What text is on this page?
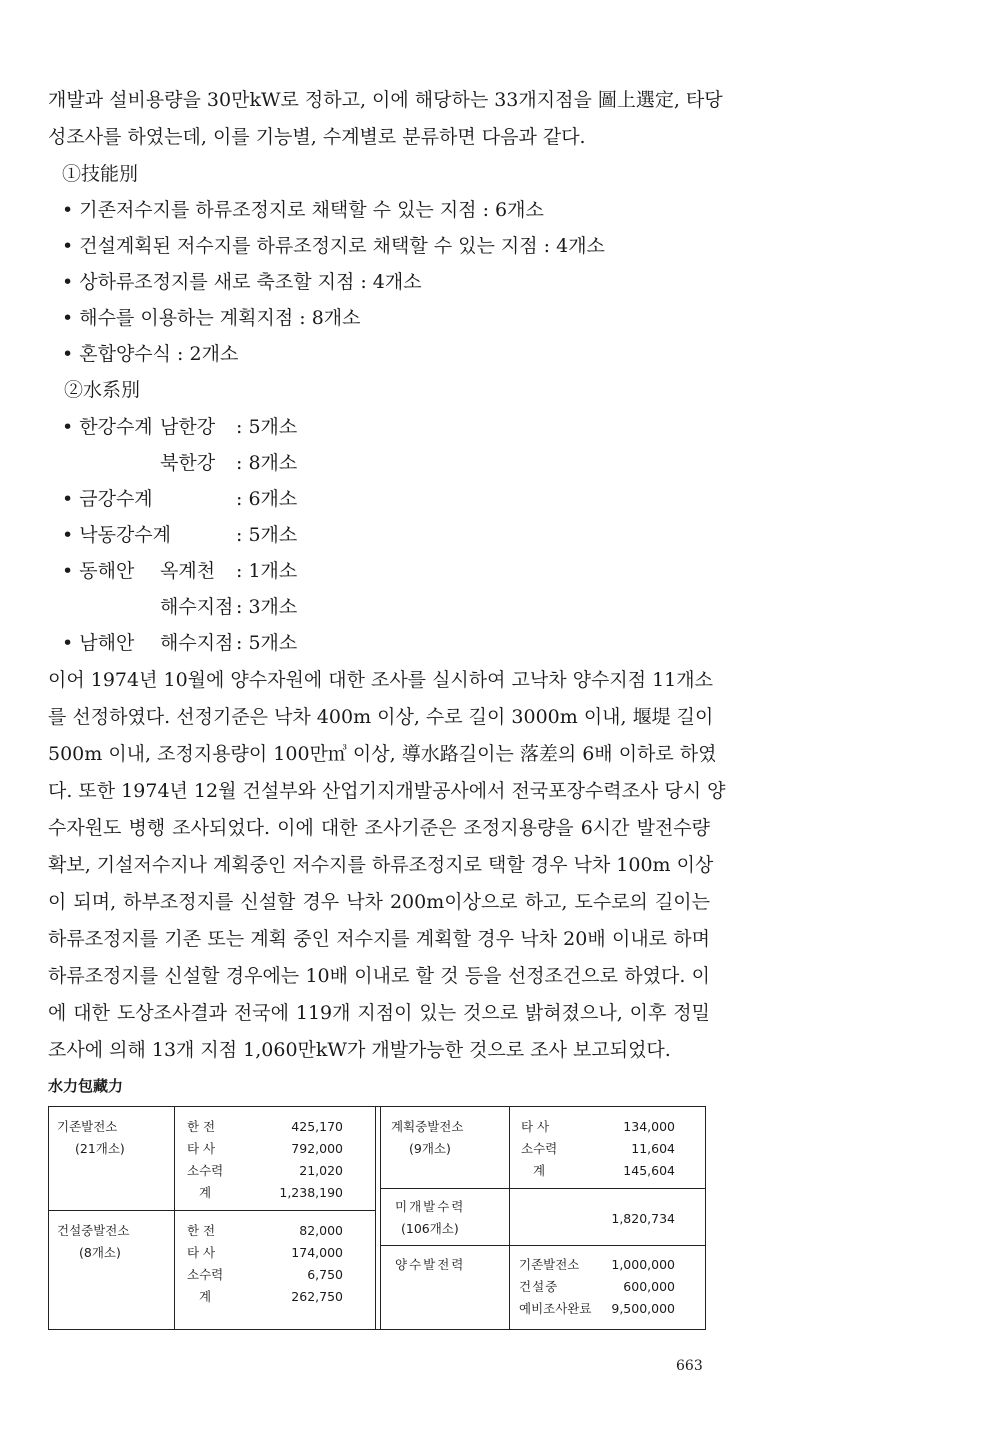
개발과 설비용량을 30만kW로 정하고, 이에 해당하는 33개지점을 圖上選定, 타당
성조사를 하였는데, 이를 기능별, 수계별로 분류하면 다음과 같다.
①技能別
• 기존저수지를 하류조정지로 채택할 수 있는 지점 : 6개소
• 건설계획된 저수지를 하류조정지로 채택할 수 있는 지점 : 4개소
• 상하류조정지를 새로 축조할 지점 : 4개소
• 해수를 이용하는 계획지점 : 8개소
• 혼합양수식 : 2개소
②水系別
• 한강수계 남한강 : 5개소
북한강 : 8개소
• 금강수계	: 6개소
• 낙동강수계	: 5개소
• 동해안 옥계천 : 1개소
해수지점 : 3개소
• 남해안 해수지점 : 5개소
이어 1974년 10월에 양수자원에 대한 조사를 실시하여 고낙차 양수지점 11개소
를 선정하였다. 선정기준은 낙차 400m 이상, 수로 길이 3000m 이내, 堰堤 길이
500m 이내, 조정지용량이 100만㎥ 이상, 導水路길이는 落差의 6배 이하로 하였
다. 또한 1974년 12월 건설부와 산업기지개발공사에서 전국포장수력조사 당시 양
수자원도 병행 조사되었다. 이에 대한 조사기준은 조정지용량을 6시간 발전수량
확보, 기설저수지나 계획중인 저수지를 하류조정지로 택할 경우 낙차 100m 이상
이 되며, 하부조정지를 신설할 경우 낙차 200m이상으로 하고, 도수로의 길이는
하류조정지를 기존 또는 계획 중인 저수지를 계획할 경우 낙차 20배 이내로 하며
하류조정지를 신설할 경우에는 10배 이내로 할 것 등을 선정조건으로 하였다. 이
에 대한 도상조사결과 전국에 119개 지점이 있는 것으로 밝혀졌으나, 이후 정밀
조사에 의해 13개 지점 1,060만kW가 개발가능한 것으로 조사 보고되었다.
水力包藏力
기존발전소
(21개소)
한 전	425,170
타 사	792,000
소수력	21,020
계	1,238,190
건설중발전소
(8개소)
한 전	82,000
타 사	174,000
소수력	6,750
계	262,750
계획중발전소
(9개소)
타 사	134,000
소수력	11,604
계	145,604
미개발수력
(106개소)
1,820,734
양수발전력	기존발전소	1,000,000
건설중	600,000
예비조사완료	9,500,000
663
